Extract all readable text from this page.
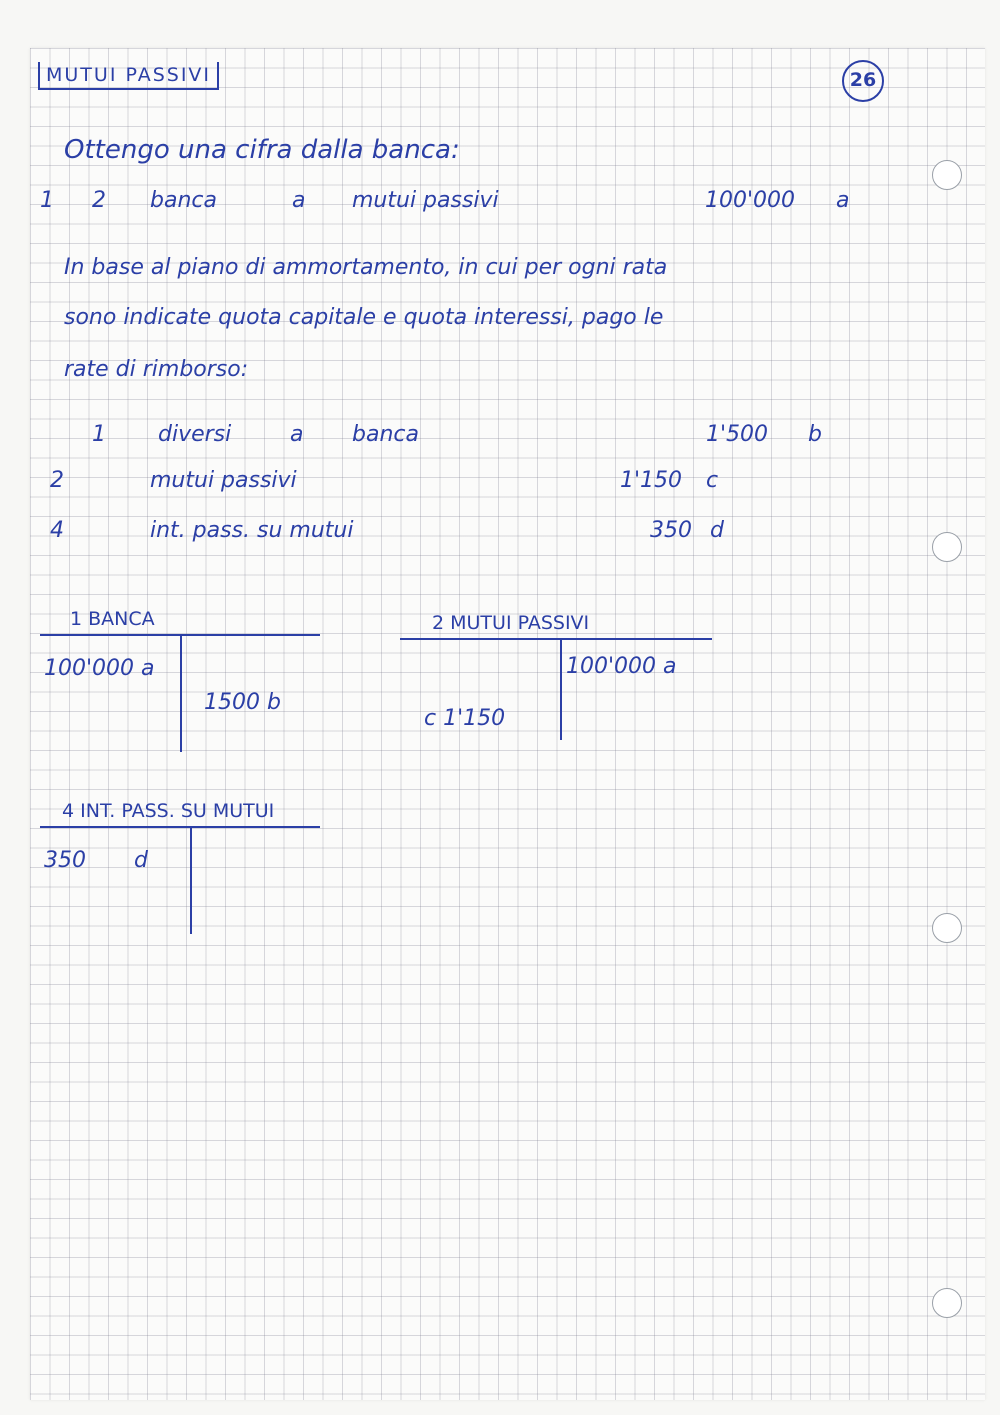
MUTUI PASSIVI	26
Ottengo una cifra dalla banca:
1 2 banca	a mutui passivi	100'000 a
In base al piano di ammortamento, in cui per ogni rata
sono indicate quota capitale e quota interessi, pago le
rate di rimborso:
1 diversi	a banca	1'500 b
2	mutui passivi	1'150 c
4	int. pass. su mutui	350 d
1 BANCA
100'000 a
1500 b
2 MUTUI PASSIVI
c 1'150
100'000 a
4 INT. PASS. SU MUTUI
350 d
